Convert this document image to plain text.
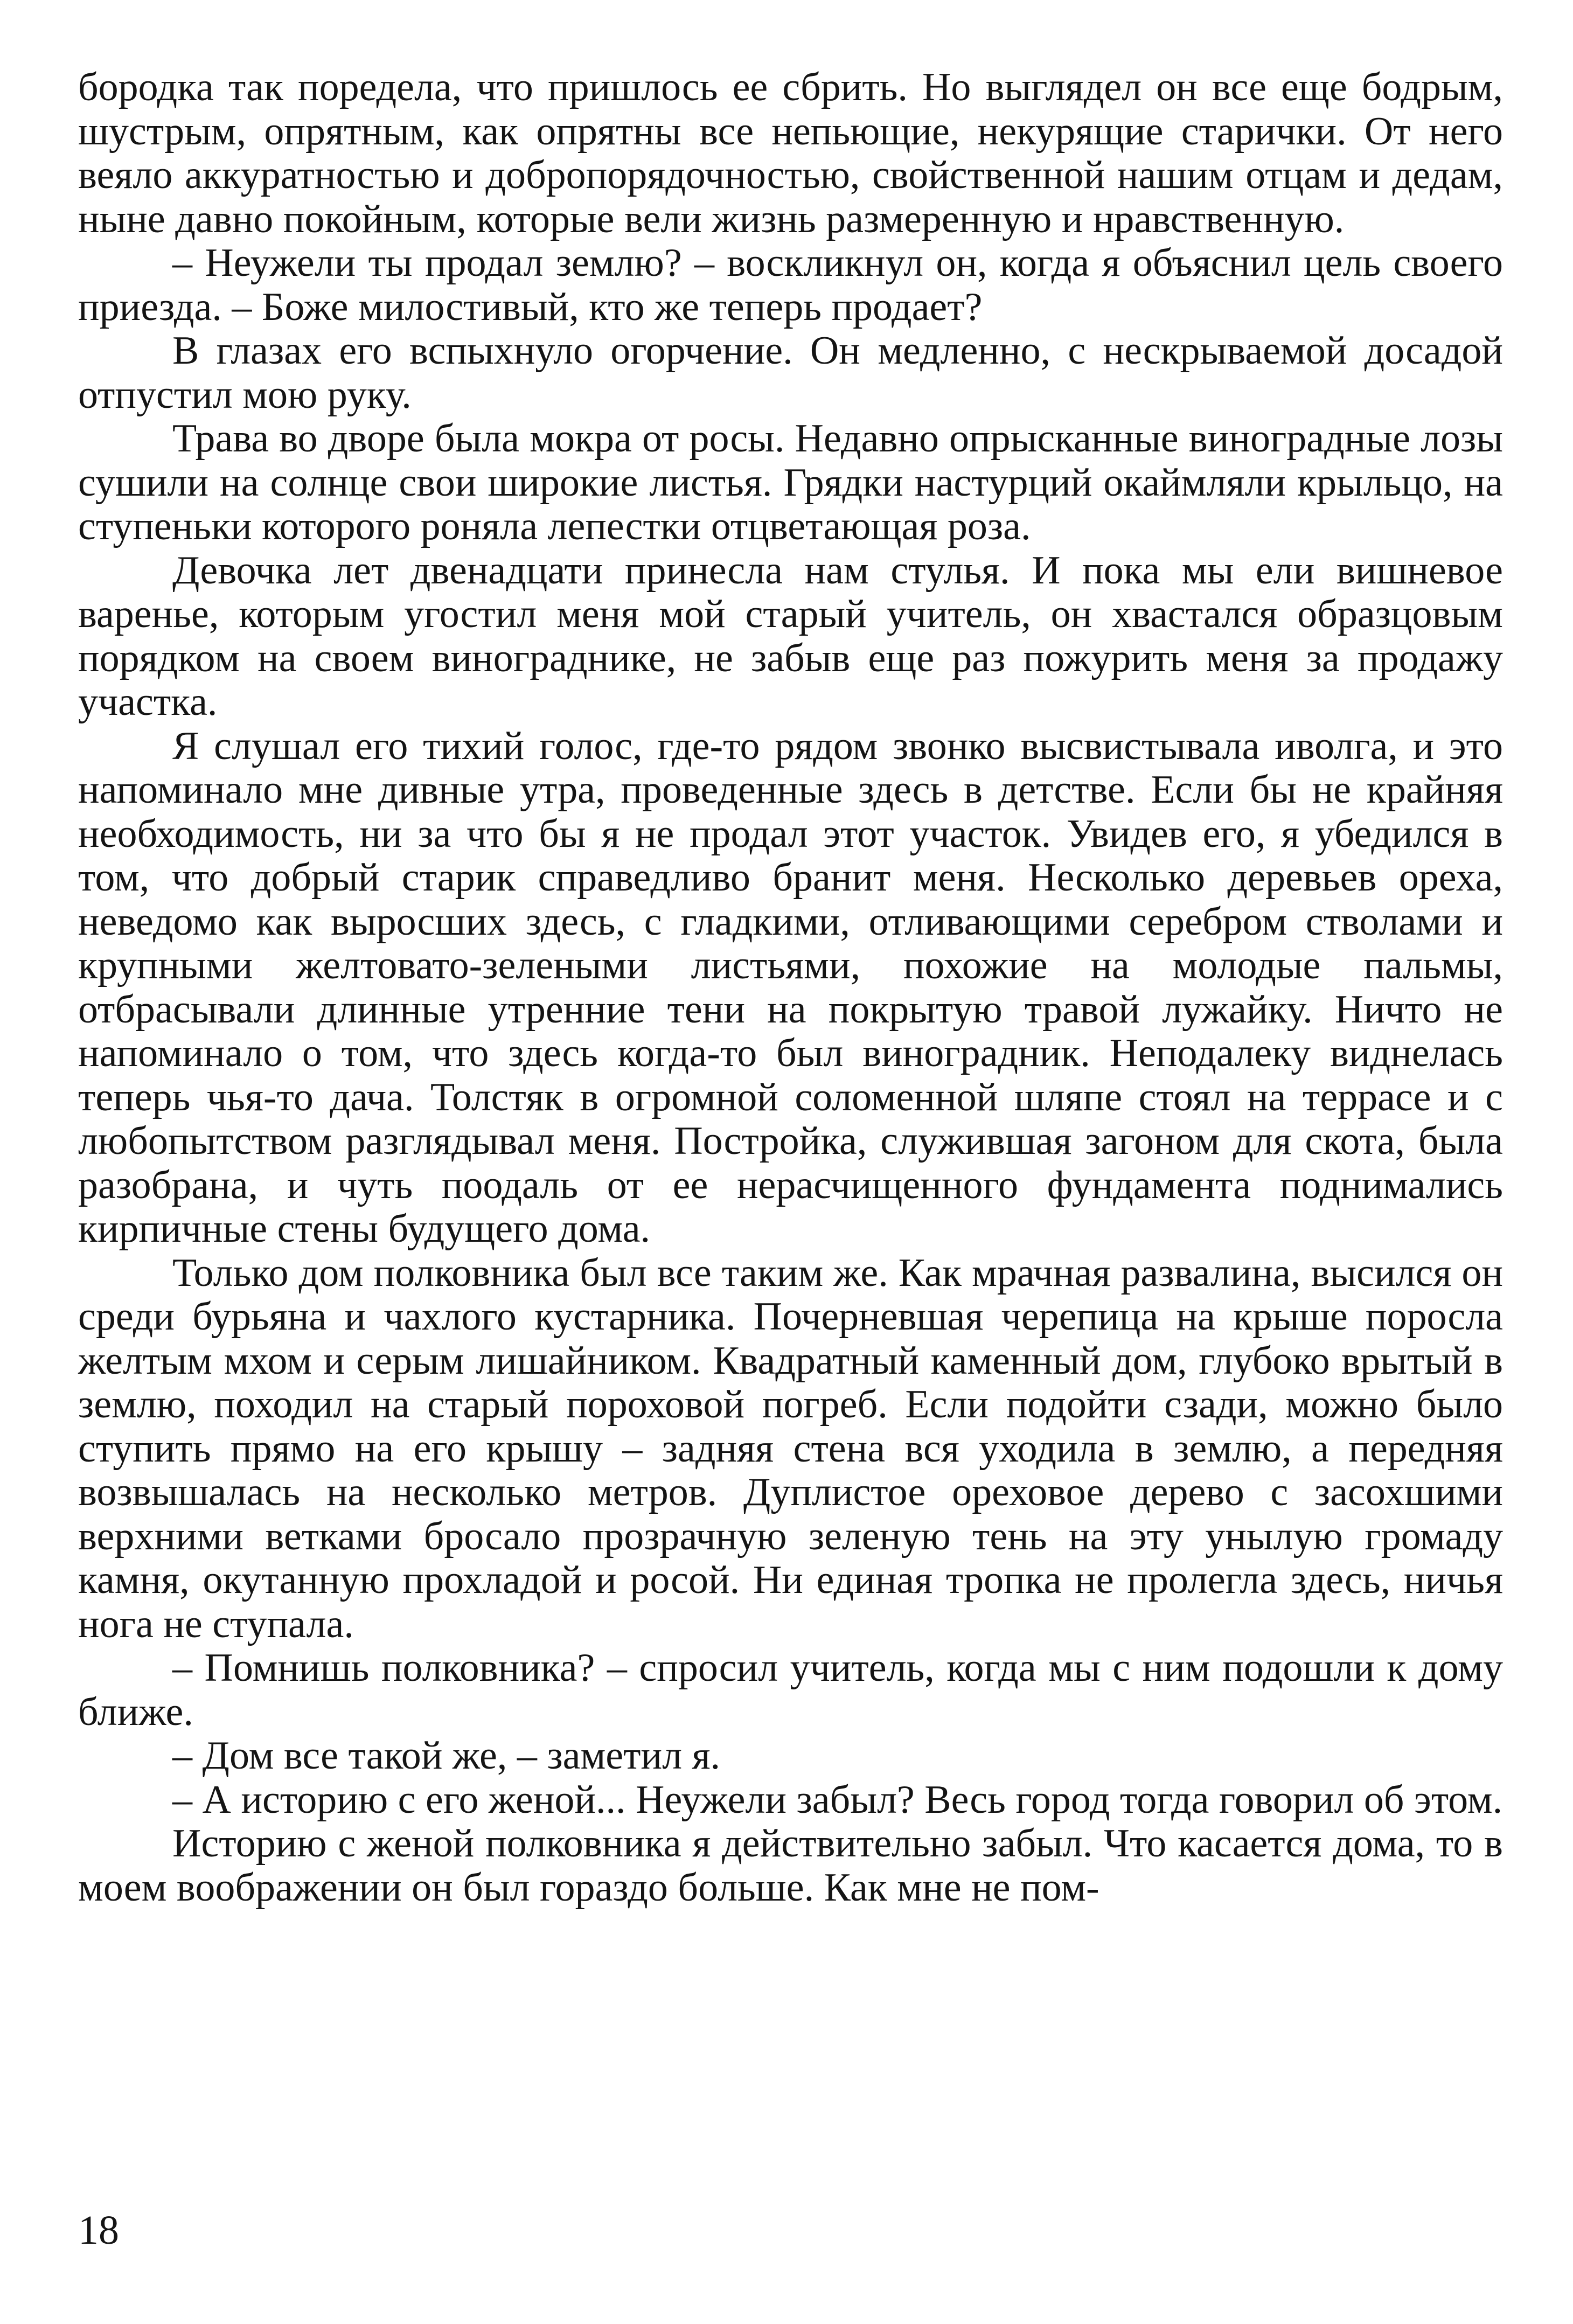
бородка так поредела, что пришлось ее сбрить. Но выглядел он все еще бодрым, шустрым, опрятным, как опрятны все непьющие, некурящие старички. От него веяло аккуратностью и добропорядочностью, свойственной нашим отцам и дедам, ныне давно покойным, которые вели жизнь размеренную и нравственную.

– Неужели ты продал землю? – воскликнул он, когда я объяснил цель своего приезда. – Боже милостивый, кто же теперь продает?

В глазах его вспыхнуло огорчение. Он медленно, с нескрываемой досадой отпустил мою руку.

Трава во дворе была мокра от росы. Недавно опрысканные виноградные лозы сушили на солнце свои широкие листья. Грядки настурций окаймляли крыльцо, на ступеньки которого роняла лепестки отцветающая роза.

Девочка лет двенадцати принесла нам стулья. И пока мы ели вишневое варенье, которым угостил меня мой старый учитель, он хвастался образцовым порядком на своем винограднике, не забыв еще раз пожурить меня за продажу участка.

Я слушал его тихий голос, где-то рядом звонко высвистывала иволга, и это напоминало мне дивные утра, проведенные здесь в детстве. Если бы не крайняя необходимость, ни за что бы я не продал этот участок. Увидев его, я убедился в том, что добрый старик справедливо бранит меня. Несколько деревьев ореха, неведомо как выросших здесь, с гладкими, отливающими серебром стволами и крупными желтовато-зелеными листьями, похожие на молодые пальмы, отбрасывали длинные утренние тени на покрытую травой лужайку. Ничто не напоминало о том, что здесь когда-то был виноградник. Неподалеку виднелась теперь чья-то дача. Толстяк в огромной соломенной шляпе стоял на террасе и с любопытством разглядывал меня. Постройка, служившая загоном для скота, была разобрана, и чуть поодаль от ее нерасчищенного фундамента поднимались кирпичные стены будущего дома.

Только дом полковника был все таким же. Как мрачная развалина, высился он среди бурьяна и чахлого кустарника. Почерневшая черепица на крыше поросла желтым мхом и серым лишайником. Квадратный каменный дом, глубоко врытый в землю, походил на старый пороховой погреб. Если подойти сзади, можно было ступить прямо на его крышу – задняя стена вся уходила в землю, а передняя возвышалась на несколько метров. Дуплистое ореховое дерево с засохшими верхними ветками бросало прозрачную зеленую тень на эту унылую громаду камня, окутанную прохладой и росой. Ни единая тропка не пролегла здесь, ничья нога не ступала.

– Помнишь полковника? – спросил учитель, когда мы с ним подошли к дому ближе.

– Дом все такой же, – заметил я.

– А историю с его женой... Неужели забыл? Весь город тогда говорил об этом.

Историю с женой полковника я действительно забыл. Что касается дома, то в моем воображении он был гораздо больше. Как мне не пом-

18
